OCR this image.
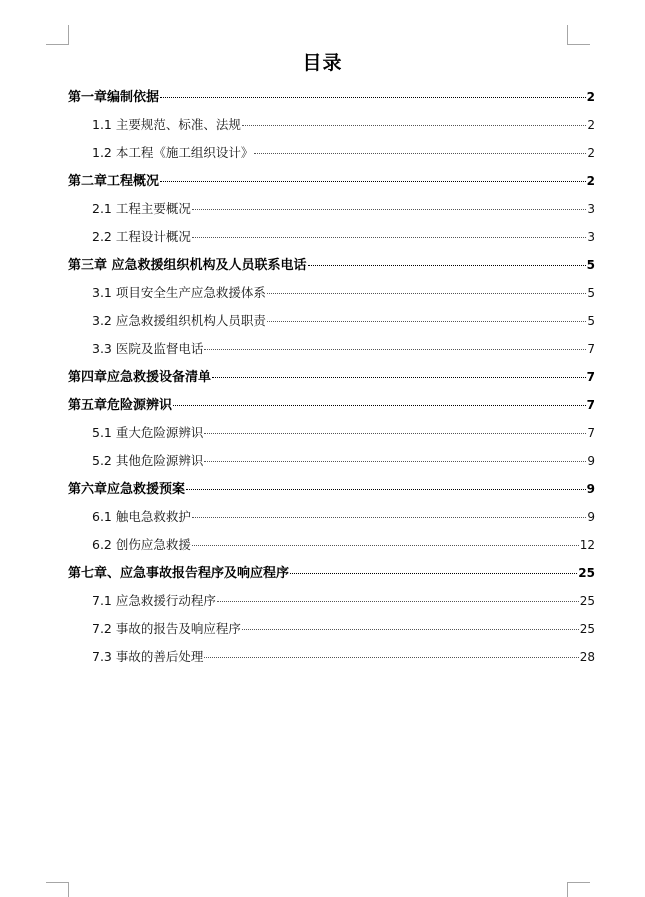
目录
第一章编制依据	2
1.1 主要规范、标准、法规	2
1.2 本工程《施工组织设计》	2
第二章工程概况	2
2.1 工程主要概况	3
2.2 工程设计概况	3
第三章 应急救援组织机构及人员联系电话	5
3.1 项目安全生产应急救援体系	5
3.2 应急救援组织机构人员职责	5
3.3 医院及监督电话	7
第四章应急救援设备清单	7
第五章危险源辨识	7
5.1 重大危险源辨识	7
5.2 其他危险源辨识	9
第六章应急救援预案	9
6.1 触电急救救护	9
6.2 创伤应急救援	12
第七章、应急事故报告程序及响应程序	25
7.1 应急救援行动程序	25
7.2 事故的报告及响应程序	25
7.3 事故的善后处理	28
